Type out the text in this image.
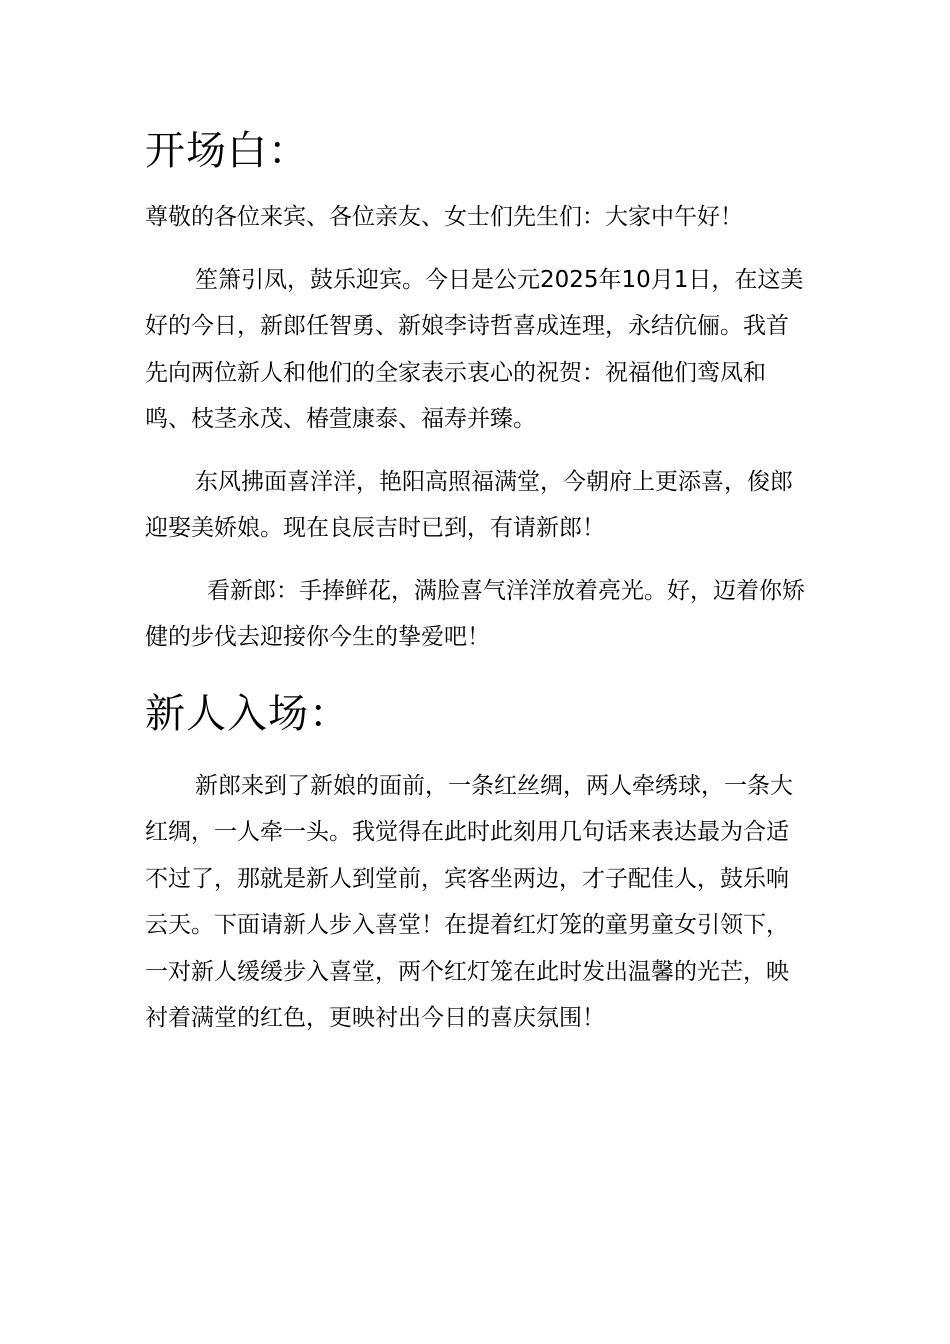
开场白：

尊敬的各位来宾、各位亲友、女士们先生们：大家中午好！

笙箫引凤，鼓乐迎宾。今日是公元2025年10月1日，在这美好的今日，新郎任智勇、新娘李诗哲喜成连理，永结伉俪。我首先向两位新人和他们的全家表示衷心的祝贺：祝福他们鸾凤和鸣、枝茎永茂、椿萱康泰、福寿并臻。

东风拂面喜洋洋，艳阳高照福满堂，今朝府上更添喜，俊郎迎娶美娇娘。现在良辰吉时已到，有请新郎！

看新郎：手捧鲜花，满脸喜气洋洋放着亮光。好，迈着你矫健的步伐去迎接你今生的挚爱吧！

新人入场：

新郎来到了新娘的面前，一条红丝绸，两人牵绣球，一条大红绸，一人牵一头。我觉得在此时此刻用几句话来表达最为合适不过了，那就是新人到堂前，宾客坐两边，才子配佳人，鼓乐响云天。下面请新人步入喜堂！在提着红灯笼的童男童女引领下，一对新人缓缓步入喜堂，两个红灯笼在此时发出温馨的光芒，映衬着满堂的红色，更映衬出今日的喜庆氛围！
